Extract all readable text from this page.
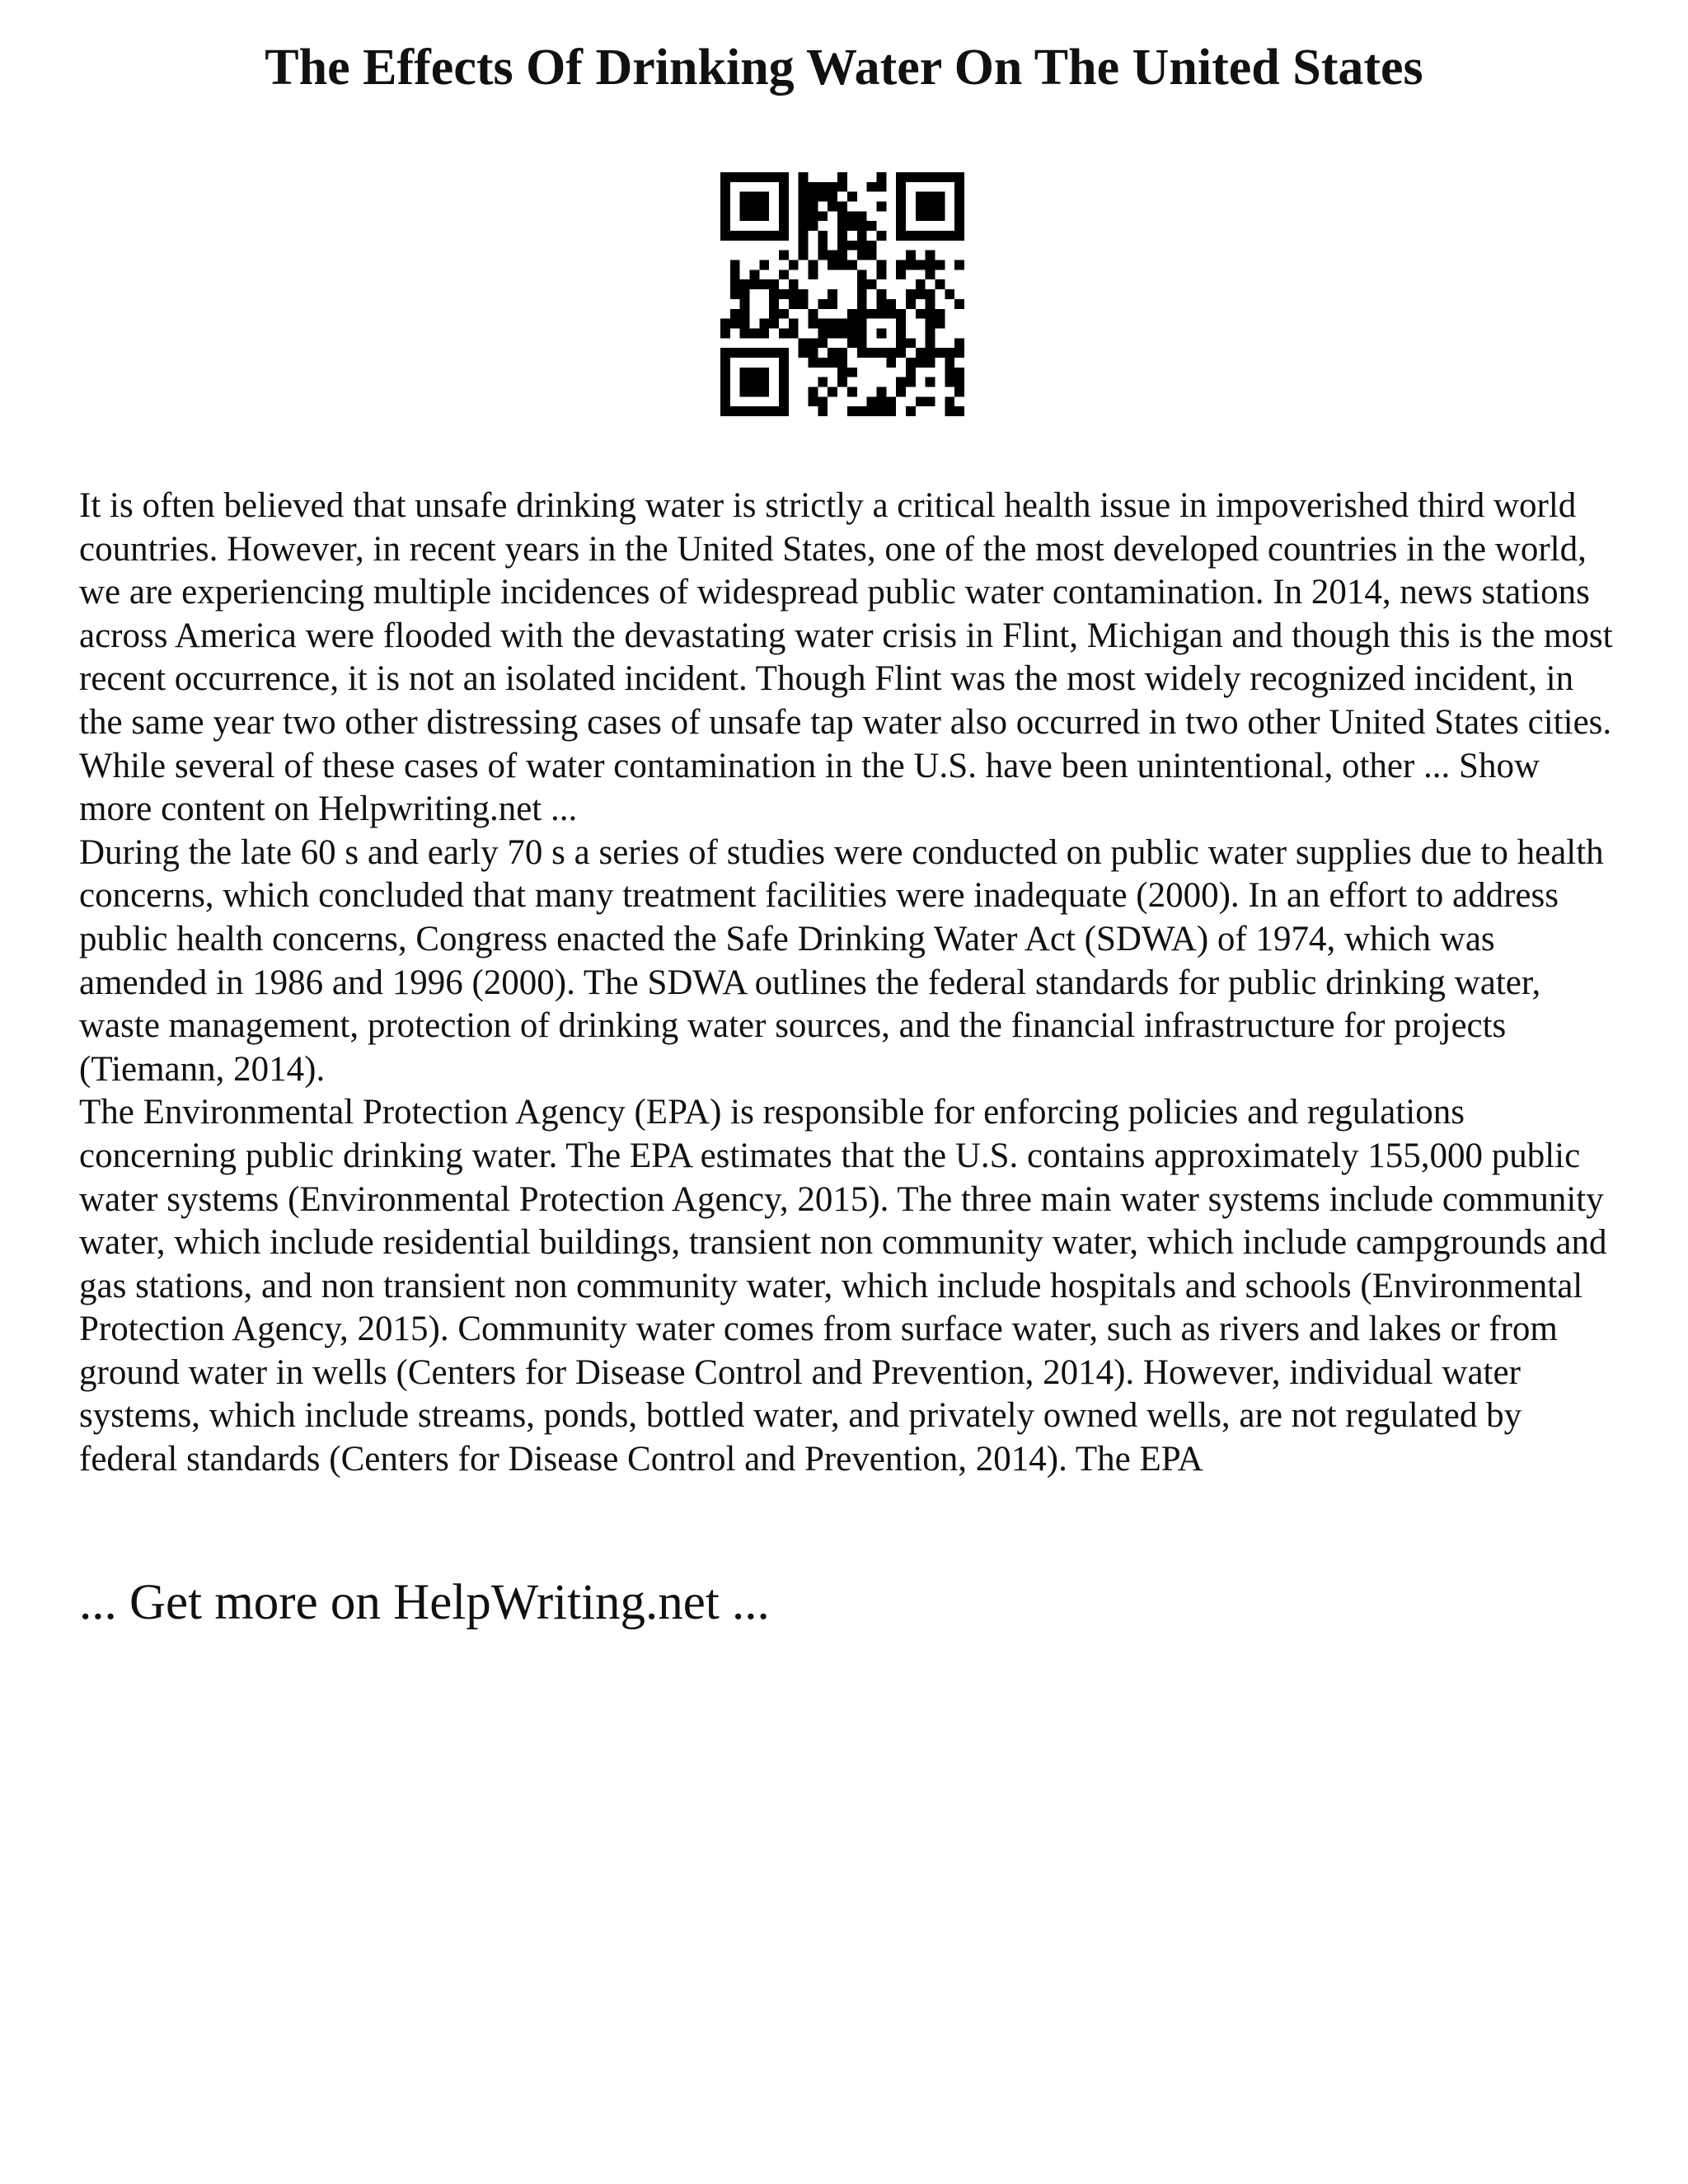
The Effects Of Drinking Water On The United States

It is often believed that unsafe drinking water is strictly a critical health issue in impoverished third world countries. However, in recent years in the United States, one of the most developed countries in the world, we are experiencing multiple incidences of widespread public water contamination. In 2014, news stations across America were flooded with the devastating water crisis in Flint, Michigan and though this is the most recent occurrence, it is not an isolated incident. Though Flint was the most widely recognized incident, in the same year two other distressing cases of unsafe tap water also occurred in two other United States cities. While several of these cases of water contamination in the U.S. have been unintentional, other ... Show more content on Helpwriting.net ...

During the late 60 s and early 70 s a series of studies were conducted on public water supplies due to health concerns, which concluded that many treatment facilities were inadequate (2000). In an effort to address public health concerns, Congress enacted the Safe Drinking Water Act (SDWA) of 1974, which was amended in 1986 and 1996 (2000). The SDWA outlines the federal standards for public drinking water, waste management, protection of drinking water sources, and the financial infrastructure for projects (Tiemann, 2014).

The Environmental Protection Agency (EPA) is responsible for enforcing policies and regulations concerning public drinking water. The EPA estimates that the U.S. contains approximately 155,000 public water systems (Environmental Protection Agency, 2015). The three main water systems include community water, which include residential buildings, transient non community water, which include campgrounds and gas stations, and non transient non community water, which include hospitals and schools (Environmental Protection Agency, 2015). Community water comes from surface water, such as rivers and lakes or from ground water in wells (Centers for Disease Control and Prevention, 2014). However, individual water systems, which include streams, ponds, bottled water, and privately owned wells, are not regulated by federal standards (Centers for Disease Control and Prevention, 2014). The EPA

... Get more on HelpWriting.net ...
